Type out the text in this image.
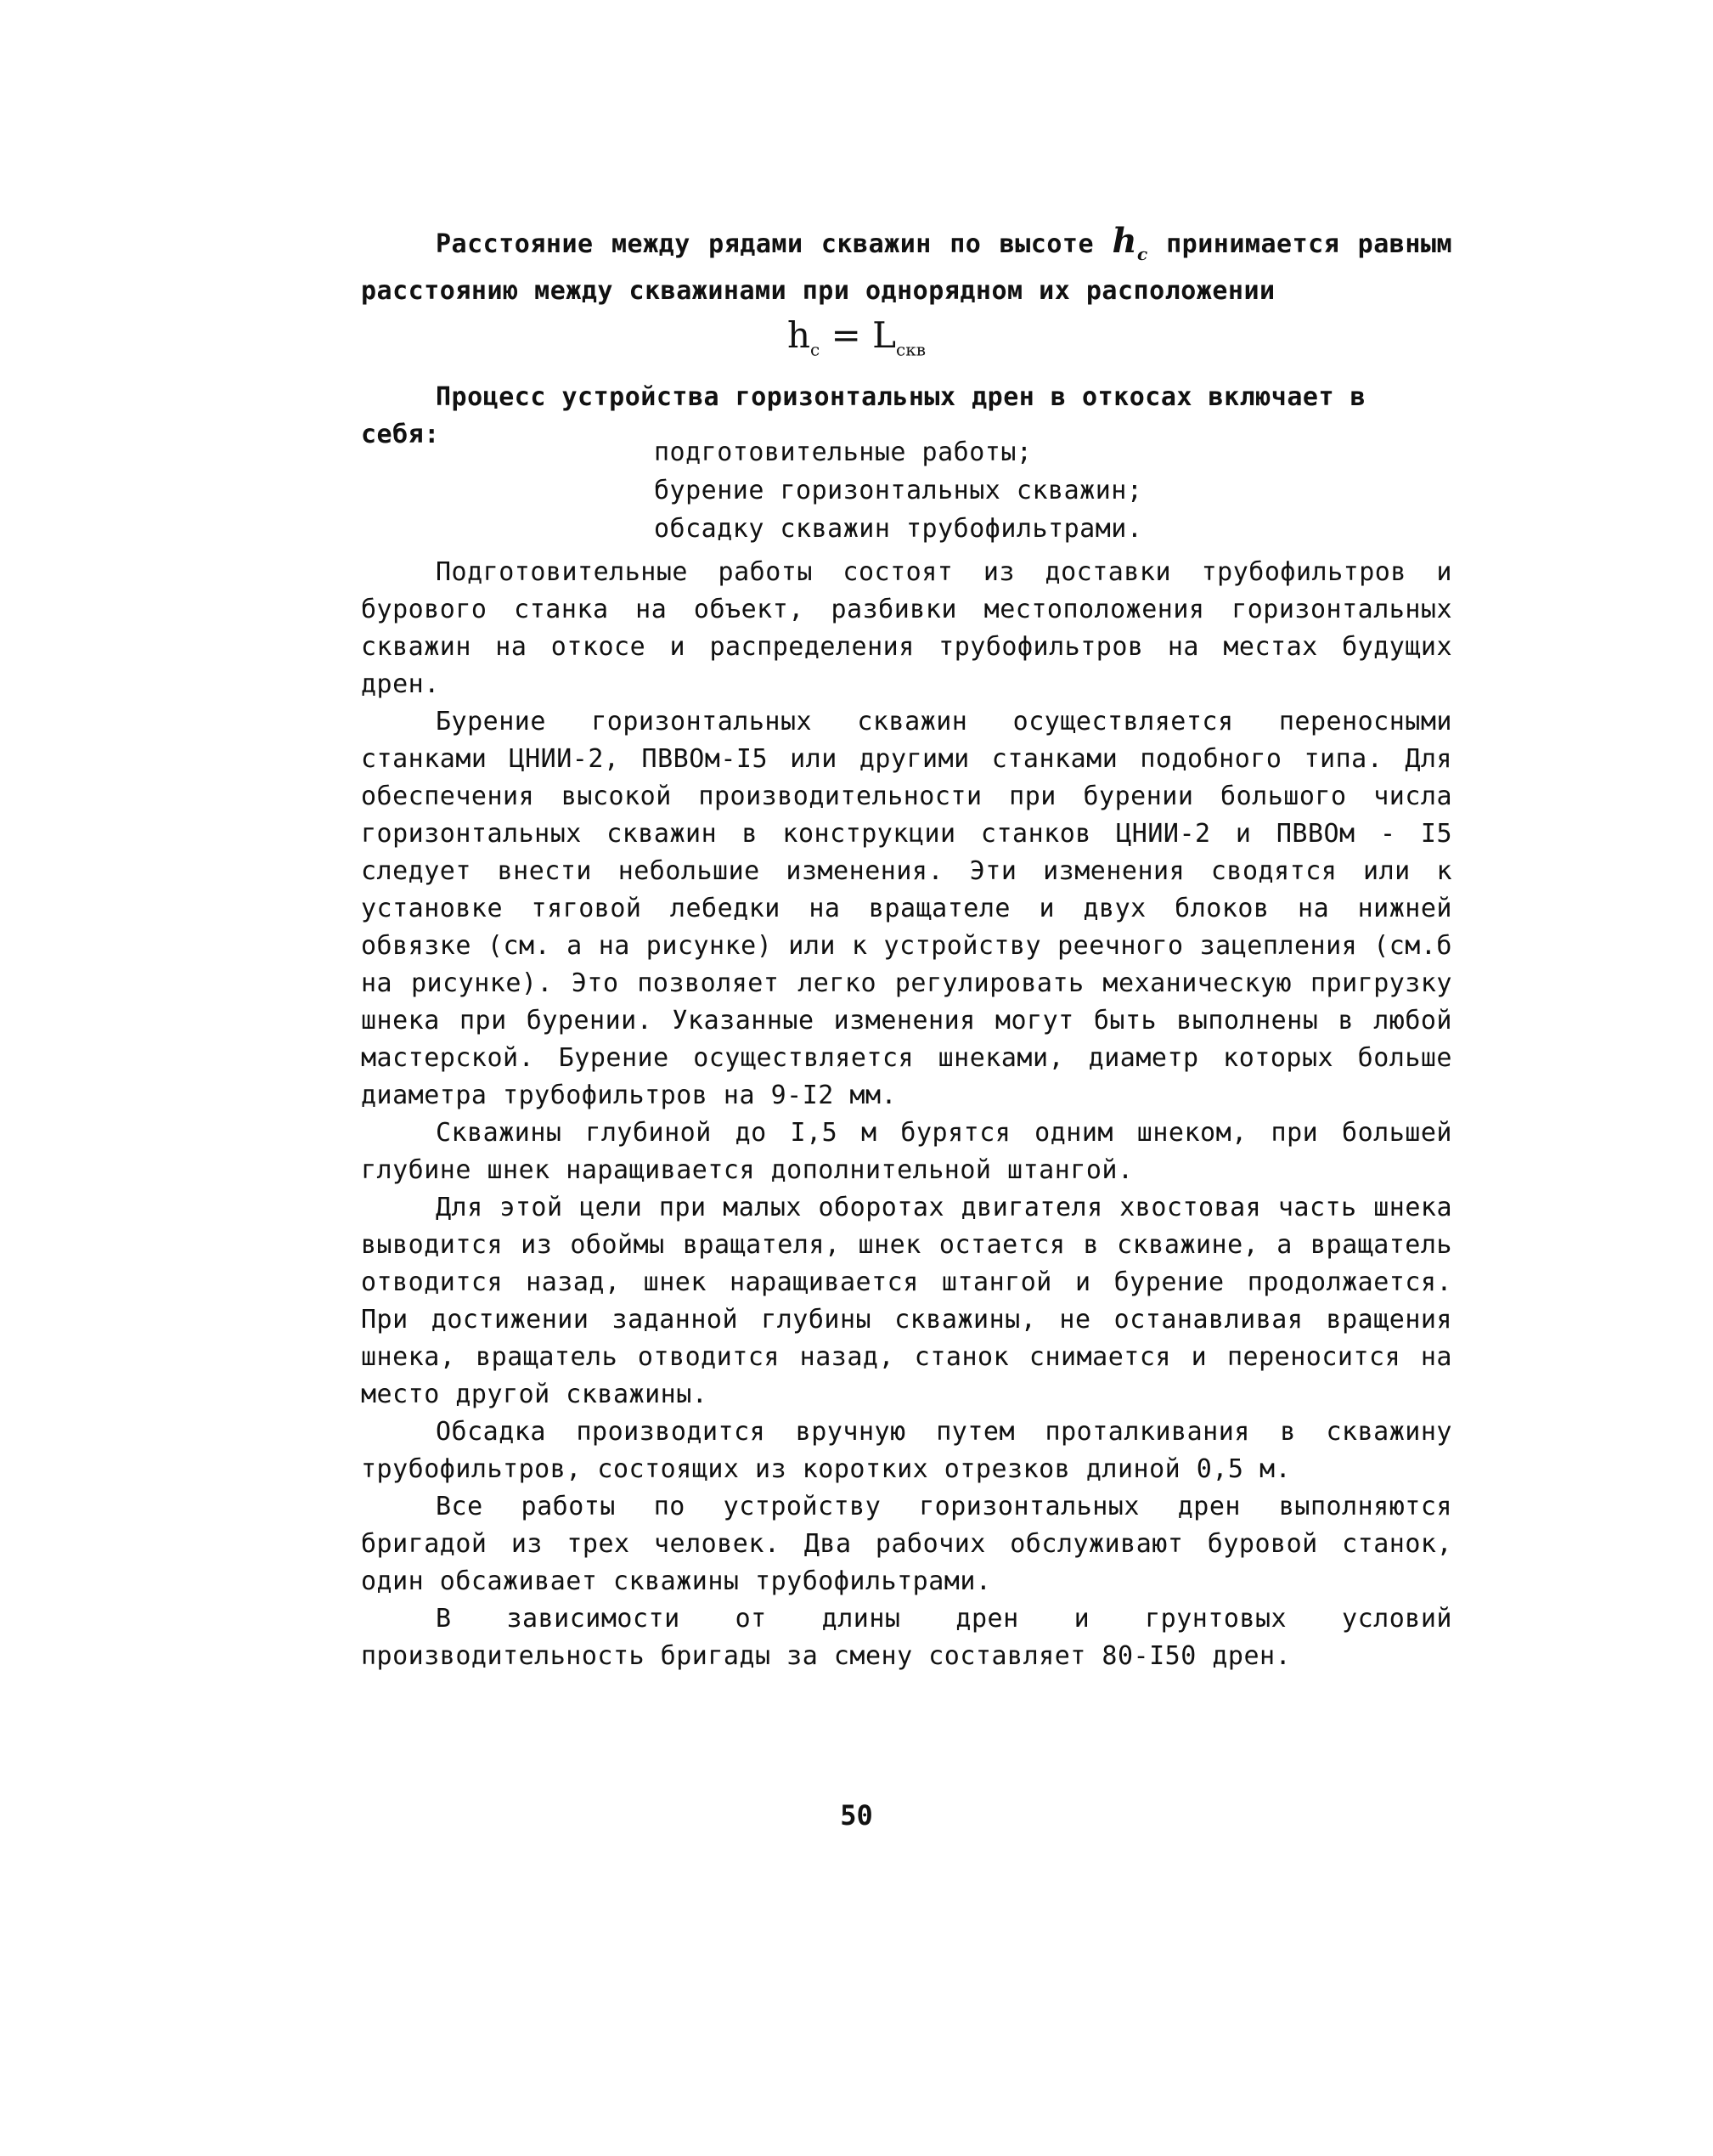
Расстояние между рядами скважин по высоте $h_c$ принимается равным расстоянию между скважинами при однорядном их расположении

$h_c = L_{скв}$

Процесс устройства горизонтальных дрен в откосах включает в себя:

подготовительные работы;
бурение горизонтальных скважин;
обсадку скважин трубофильтрами.

Подготовительные работы состоят из доставки трубофильтров и бурового станка на объект, разбивки местоположения горизонтальных скважин на откосе и распределения трубофильтров на местах будущих дрен.

Бурение горизонтальных скважин осуществляется переносными станками ЦНИИ-2, ПВВОм-I5 или другими станками подобного типа. Для обеспечения высокой производительности при бурении большого числа горизонтальных скважин в конструкции станков ЦНИИ-2 и ПВВОм - I5 следует внести небольшие изменения. Эти изменения сводятся или к установке тяговой лебедки на вращателе и двух блоков на нижней обвязке (см. а на рисунке) или к устройству реечного зацепления (см.б на рисунке). Это позволяет легко регулировать механическую пригрузку шнека при бурении. Указанные изменения могут быть выполнены в любой мастерской. Бурение осуществляется шнеками, диаметр которых больше диаметра трубофильтров на 9-I2 мм.

Скважины глубиной до I,5 м бурятся одним шнеком, при большей глубине шнек наращивается дополнительной штангой.

Для этой цели при малых оборотах двигателя хвостовая часть шнека выводится из обоймы вращателя, шнек остается в скважине, а вращатель отводится назад, шнек наращивается штангой и бурение продолжается. При достижении заданной глубины скважины, не останавливая вращения шнека, вращатель отводится назад, станок снимается и переносится на место другой скважины.

Обсадка производится вручную путем проталкивания в скважину трубофильтров, состоящих из коротких отрезков длиной 0,5 м.

Все работы по устройству горизонтальных дрен выполняются бригадой из трех человек. Два рабочих обслуживают буровой станок, один обсаживает скважины трубофильтрами.

В зависимости от длины дрен и грунтовых условий производительность бригады за смену составляет 80-I50 дрен.

50
